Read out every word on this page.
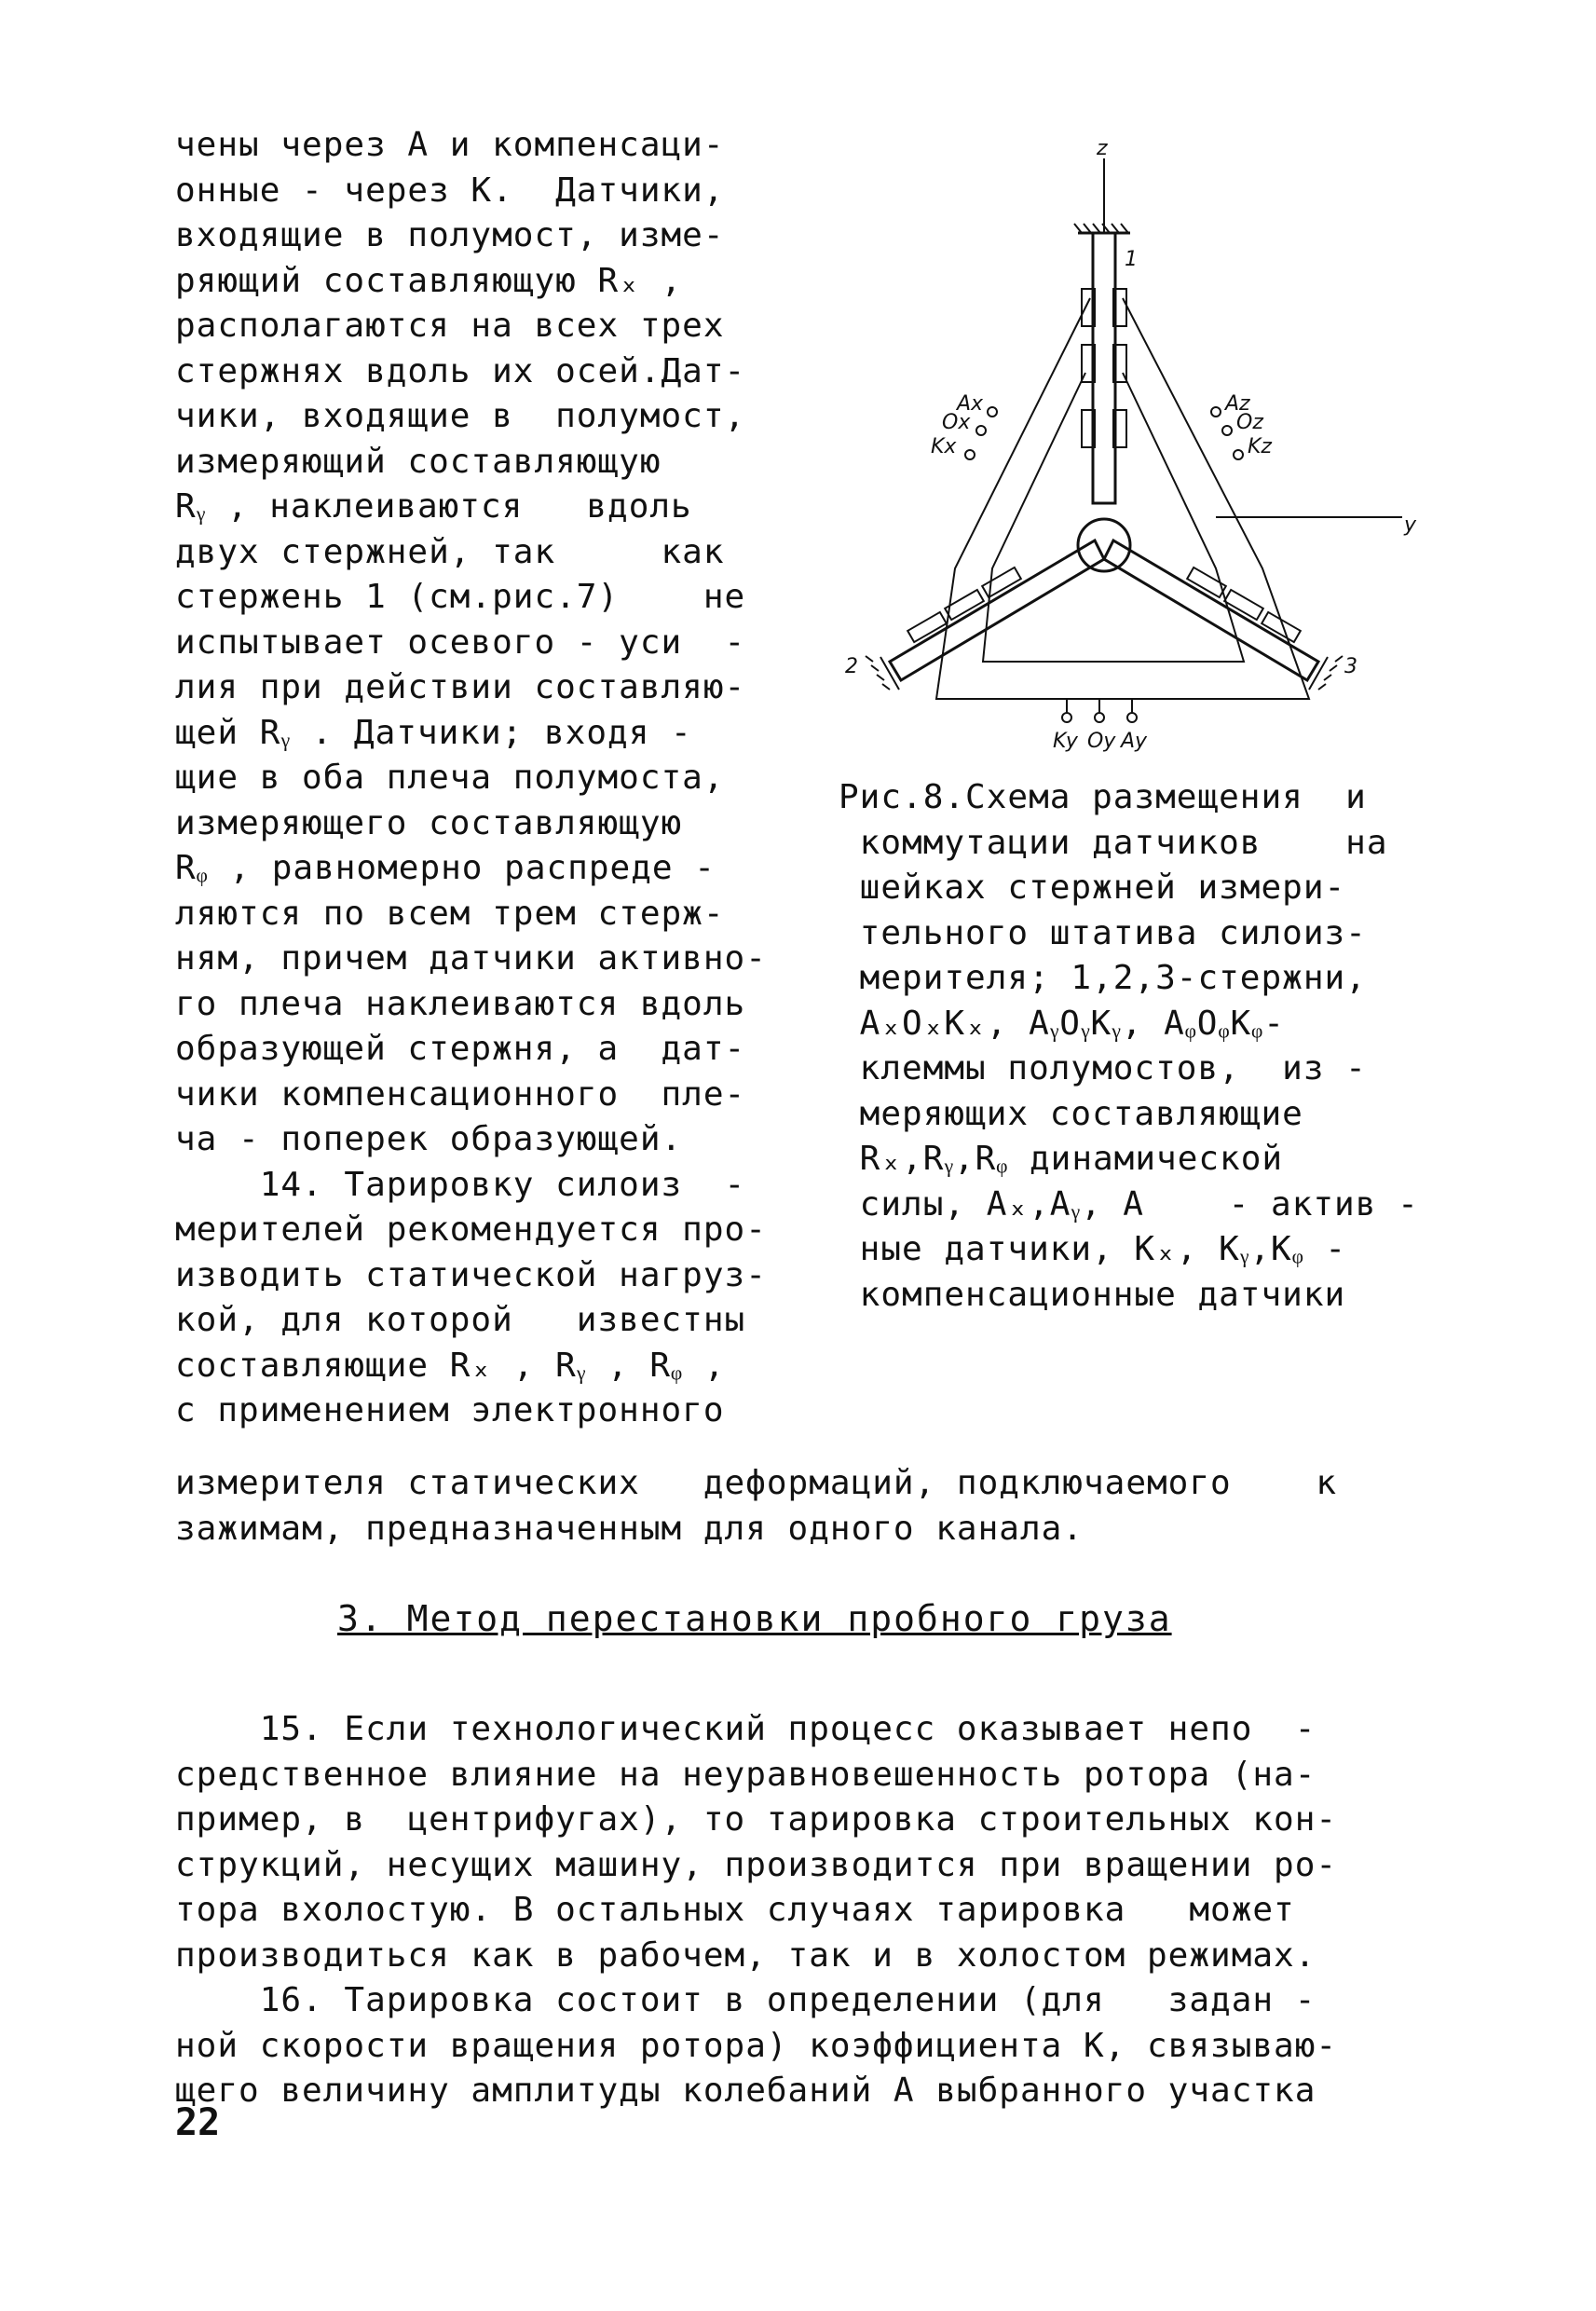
чены через А и компенсаци-
онные - через К.  Датчики,
входящие в полумост, изме-
ряющий составляющую Rₓ ,
располагаются на всех трех
стержнях вдоль их осей.Дат-
чики, входящие в  полумост,
измеряющий составляющую
Rᵧ , наклеиваются   вдоль
двух стержней, так     как
стержень 1 (см.рис.7)    не
испытывает осевого - уси  -
лия при действии составляю-
щей Rᵧ . Датчики; входя -
щие в оба плеча полумоста,
измеряющего составляющую
Rᵩ , равномерно распреде -
ляются по всем трем стерж-
ням, причем датчики активно-
го плеча наклеиваются вдоль
образующей стержня, а  дат-
чики компенсационного  пле-
ча - поперек образующей.
14. Тарировку силоиз  -
мерителей рекомендуется про-
изводить статической нагруз-
кой, для которой   известны
составляющие Rₓ , Rᵧ , Rᵩ ,
с применением электронного
z
1
2	3
y
Ax
Ox
Kx
Az
Oz
Kz
Ky Oy Ay
Рис.8.Схема размещения  и
коммутации датчиков    на
шейках стержней измери-
тельного штатива силоиз-
мерителя; 1,2,3-стержни,
AₓOₓKₓ, AᵧOᵧKᵧ, AᵩOᵩKᵩ-
клеммы полумостов,  из -
меряющих составляющие
Rₓ,Rᵧ,Rᵩ динамической
силы, Aₓ,Aᵧ, A    - актив -
ные датчики, Kₓ, Kᵧ,Kᵩ -
компенсационные датчики
измерителя статических   деформаций, подключаемого    к
зажимам, предназначенным для одного канала.
3. Метод перестановки пробного груза
15. Если технологический процесс оказывает непо  -
средственное влияние на неуравновешенность ротора (на-
пример, в  центрифугах), то тарировка строительных кон-
струкций, несущих машину, производится при вращении ро-
тора вхолостую. В остальных случаях тарировка   может
производиться как в рабочем, так и в холостом режимах.
16. Тарировка состоит в определении (для   задан -
ной скорости вращения ротора) коэффициента К, связываю-
щего величину амплитуды колебаний А выбранного участка
22
